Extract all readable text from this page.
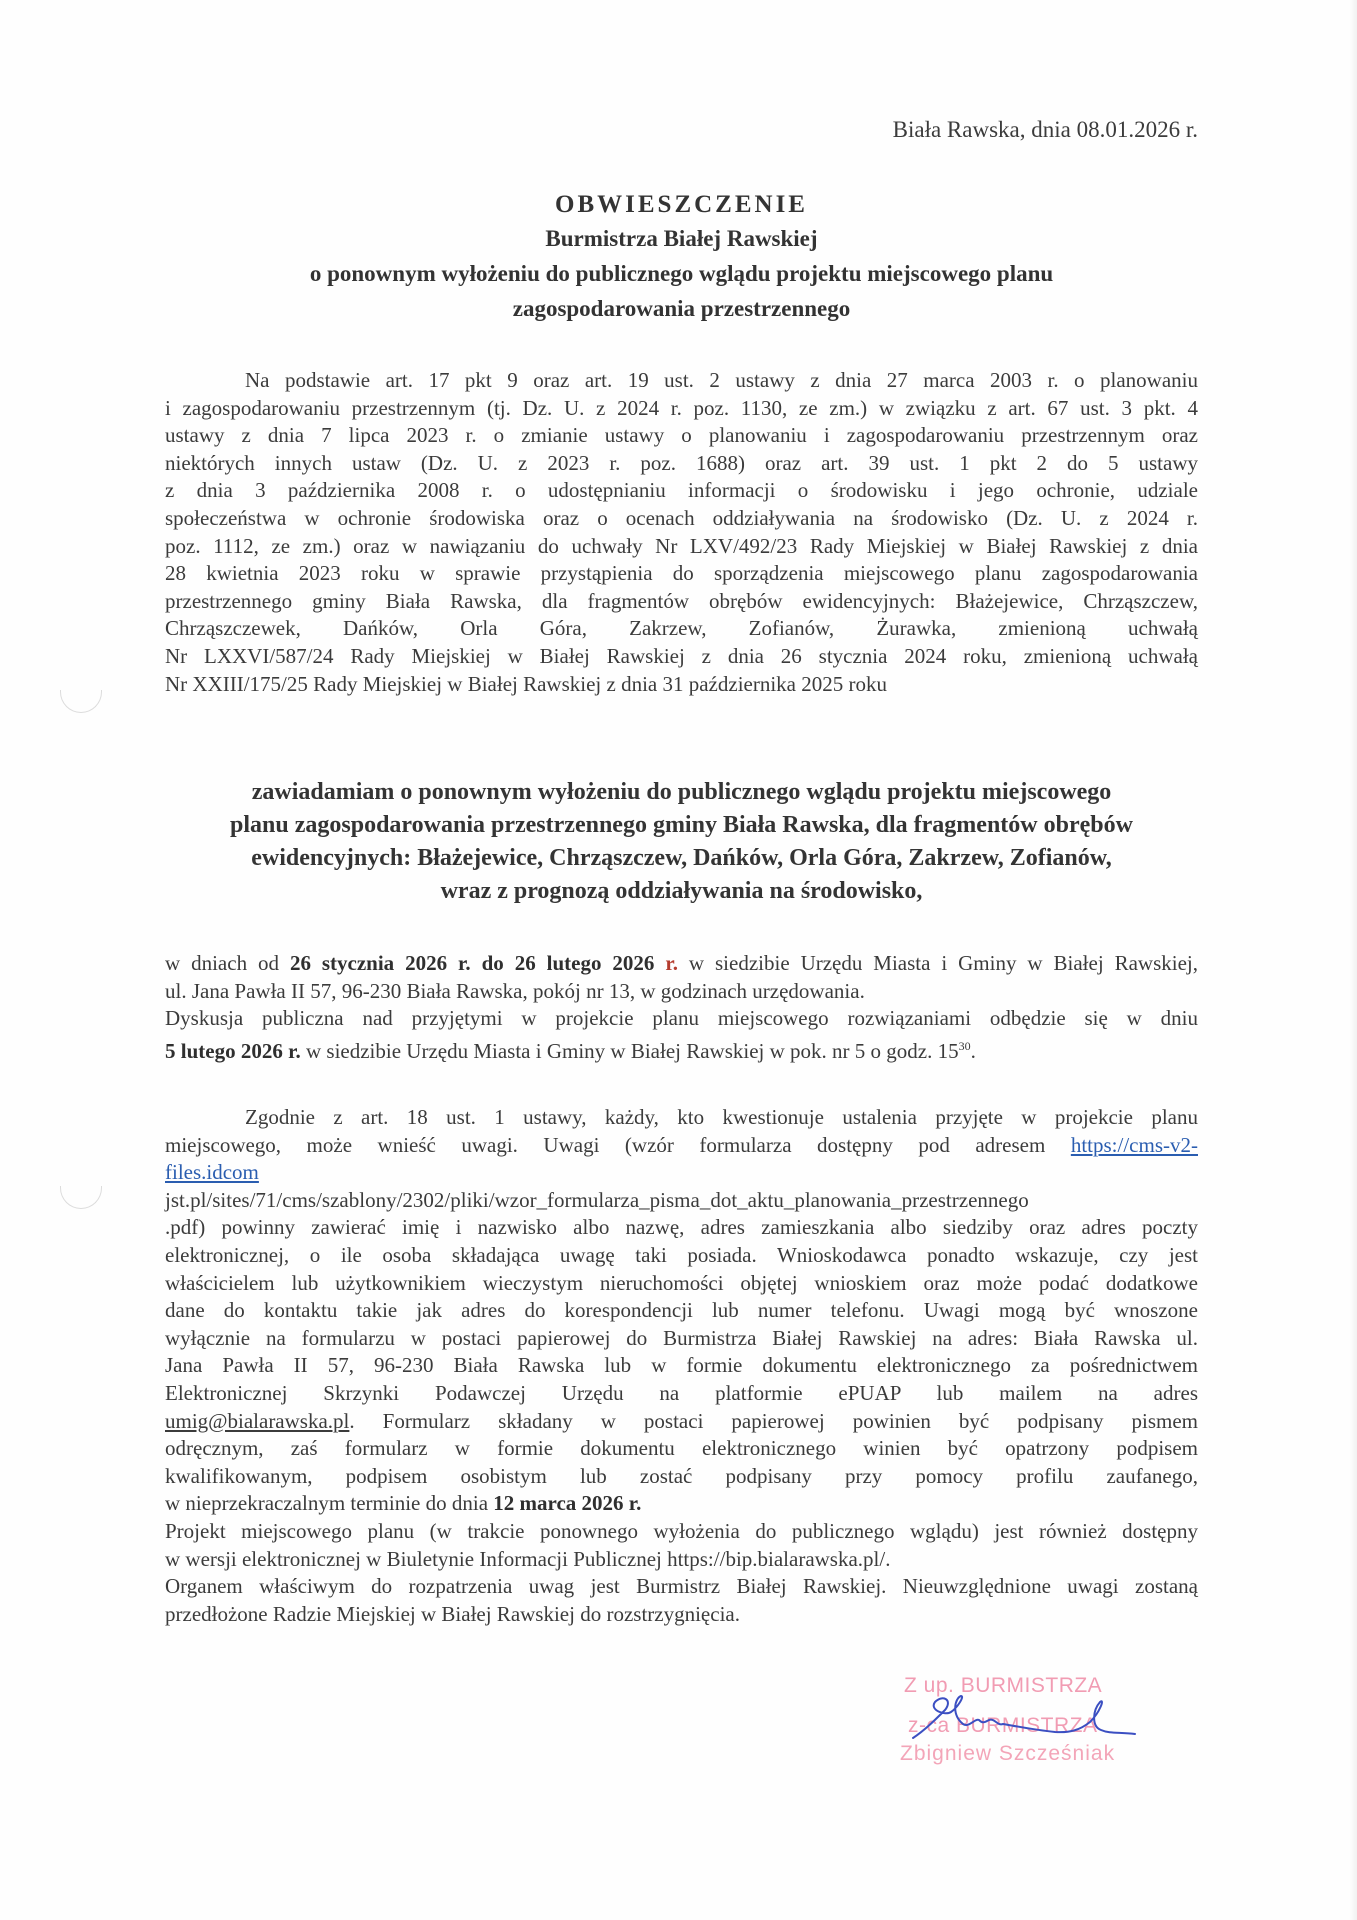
Biała Rawska, dnia 08.01.2026 r.
OBWIESZCZENIE
Burmistrza Białej Rawskiej
o ponownym wyłożeniu do publicznego wglądu projektu miejscowego planu
zagospodarowania przestrzennego
Na podstawie art. 17 pkt 9 oraz art. 19 ust. 2 ustawy z dnia 27 marca 2003 r. o planowaniu
i zagospodarowaniu przestrzennym (tj. Dz. U. z 2024 r. poz. 1130, ze zm.) w związku z art. 67 ust. 3 pkt. 4
ustawy z dnia 7 lipca 2023 r. o zmianie ustawy o planowaniu i zagospodarowaniu przestrzennym oraz
niektórych innych ustaw (Dz. U. z 2023 r. poz. 1688) oraz art. 39 ust. 1 pkt 2 do 5 ustawy
z dnia 3 października 2008 r. o udostępnianiu informacji o środowisku i jego ochronie, udziale
społeczeństwa w ochronie środowiska oraz o ocenach oddziaływania na środowisko (Dz. U. z 2024 r.
poz. 1112, ze zm.) oraz w nawiązaniu do uchwały Nr LXV/492/23 Rady Miejskiej w Białej Rawskiej z dnia
28 kwietnia 2023 roku w sprawie przystąpienia do sporządzenia miejscowego planu zagospodarowania
przestrzennego gminy Biała Rawska, dla fragmentów obrębów ewidencyjnych: Błażejewice, Chrząszczew,
Chrząszczewek, Dańków, Orla Góra, Zakrzew, Zofianów, Żurawka, zmienioną uchwałą
Nr LXXVI/587/24 Rady Miejskiej w Białej Rawskiej z dnia 26 stycznia 2024 roku, zmienioną uchwałą
Nr XXIII/175/25 Rady Miejskiej w Białej Rawskiej z dnia 31 października 2025 roku
zawiadamiam o ponownym wyłożeniu do publicznego wglądu projektu miejscowego
planu zagospodarowania przestrzennego gminy Biała Rawska, dla fragmentów obrębów
ewidencyjnych: Błażejewice, Chrząszczew, Dańków, Orla Góra, Zakrzew, Zofianów,
wraz z prognozą oddziaływania na środowisko,
w dniach od 26 stycznia 2026 r. do 26 lutego 2026 r. w siedzibie Urzędu Miasta i Gminy w Białej Rawskiej,
ul. Jana Pawła II 57, 96-230 Biała Rawska, pokój nr 13, w godzinach urzędowania.
Dyskusja publiczna nad przyjętymi w projekcie planu miejscowego rozwiązaniami odbędzie się w dniu
5 lutego 2026 r. w siedzibie Urzędu Miasta i Gminy w Białej Rawskiej w pok. nr 5 o godz. $15^{30}$.
Zgodnie z art. 18 ust. 1 ustawy, każdy, kto kwestionuje ustalenia przyjęte w projekcie planu
miejscowego, może wnieść uwagi. Uwagi (wzór formularza dostępny pod adresem https://cms-v2-
files.idcom
jst.pl/sites/71/cms/szablony/2302/pliki/wzor_formularza_pisma_dot_aktu_planowania_przestrzennego
.pdf) powinny zawierać imię i nazwisko albo nazwę, adres zamieszkania albo siedziby oraz adres poczty
elektronicznej, o ile osoba składająca uwagę taki posiada. Wnioskodawca ponadto wskazuje, czy jest
właścicielem lub użytkownikiem wieczystym nieruchomości objętej wnioskiem oraz może podać dodatkowe
dane do kontaktu takie jak adres do korespondencji lub numer telefonu. Uwagi mogą być wnoszone
wyłącznie na formularzu w postaci papierowej do Burmistrza Białej Rawskiej na adres: Biała Rawska ul.
Jana Pawła II 57, 96-230 Biała Rawska lub w formie dokumentu elektronicznego za pośrednictwem
Elektronicznej Skrzynki Podawczej Urzędu na platformie ePUAP lub mailem na adres
umig@bialarawska.pl. Formularz składany w postaci papierowej powinien być podpisany pismem
odręcznym, zaś formularz w formie dokumentu elektronicznego winien być opatrzony podpisem
kwalifikowanym, podpisem osobistym lub zostać podpisany przy pomocy profilu zaufanego,
w nieprzekraczalnym terminie do dnia 12 marca 2026 r.
Projekt miejscowego planu (w trakcie ponownego wyłożenia do publicznego wglądu) jest również dostępny
w wersji elektronicznej w Biuletynie Informacji Publicznej https://bip.bialarawska.pl/.
Organem właściwym do rozpatrzenia uwag jest Burmistrz Białej Rawskiej. Nieuwzględnione uwagi zostaną
przedłożone Radzie Miejskiej w Białej Rawskiej do rozstrzygnięcia.
Z up. BURMISTRZA
z-ca BURMISTRZA
Zbigniew Szcześniak
